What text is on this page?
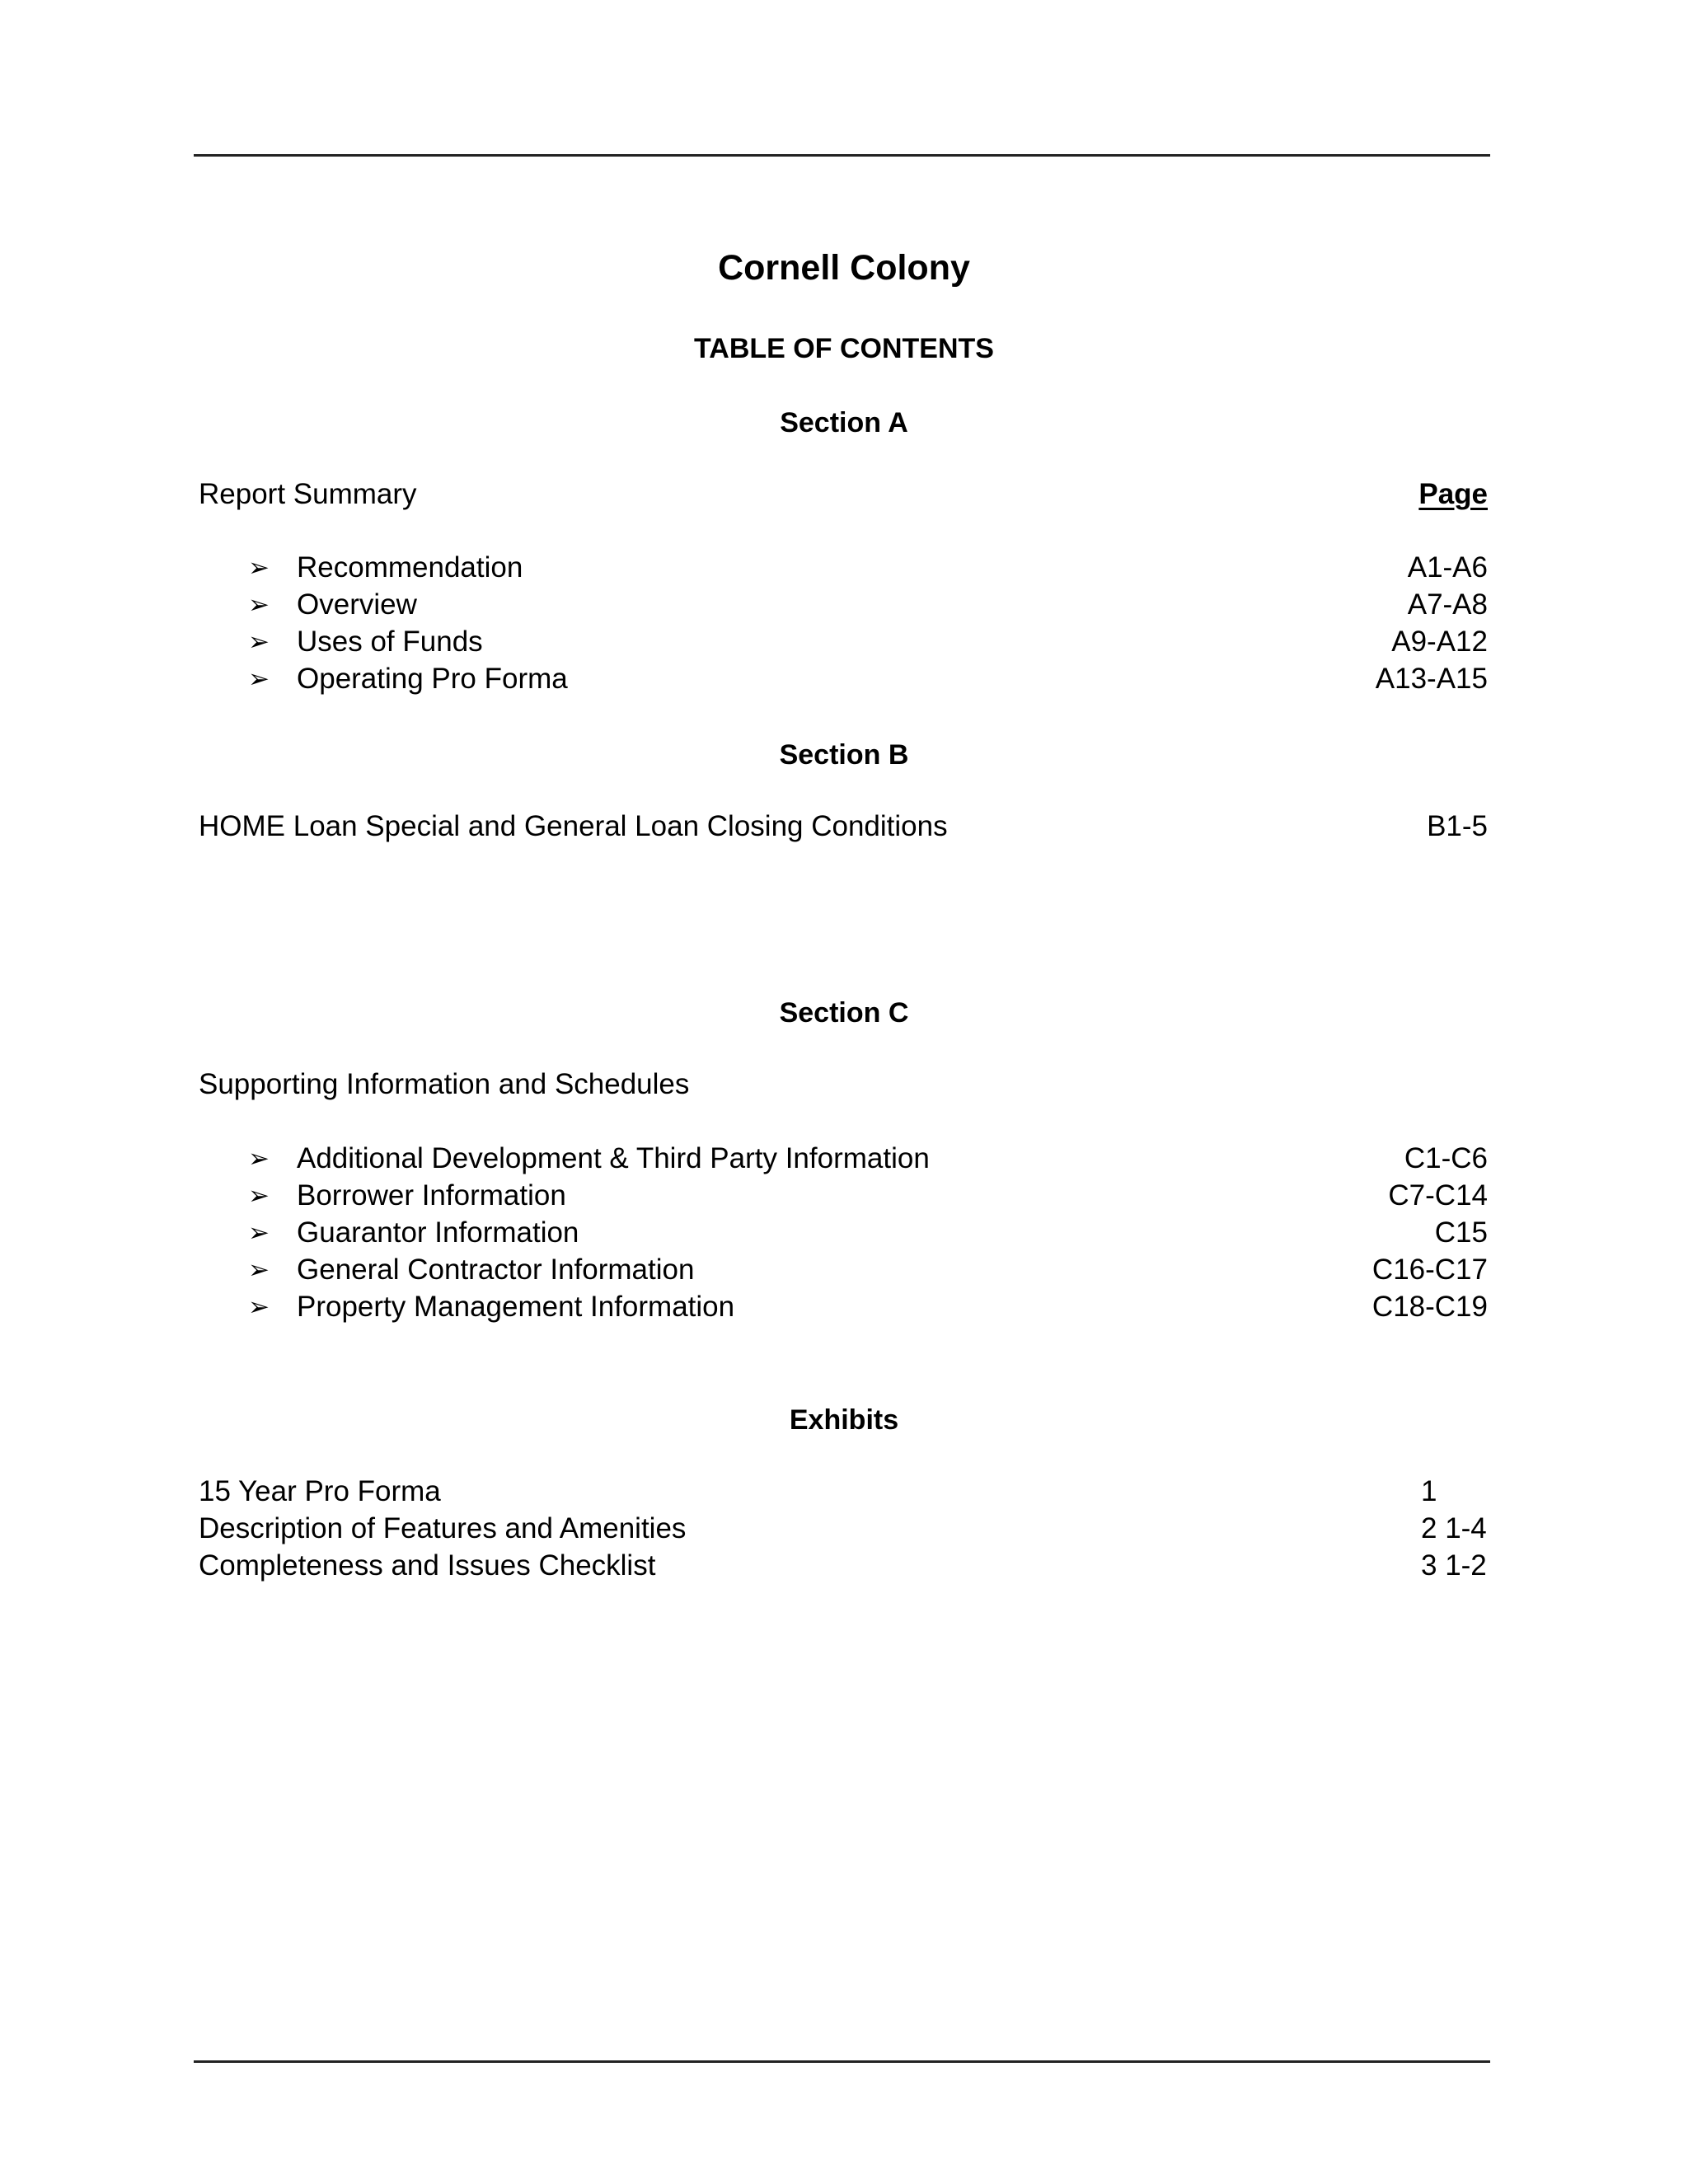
Cornell Colony
TABLE OF CONTENTS
Section A
Report Summary	Page
➢ Recommendation	A1-A6
➢ Overview	A7-A8
➢ Uses of Funds	A9-A12
➢ Operating Pro Forma	A13-A15
Section B
HOME Loan Special and General Loan Closing Conditions	B1-5
Section C
Supporting Information and Schedules
➢ Additional Development & Third Party Information	C1-C6
➢ Borrower Information	C7-C14
➢ Guarantor Information	C15
➢ General Contractor Information	C16-C17
➢ Property Management Information	C18-C19
Exhibits
15 Year Pro Forma	1
Description of Features and Amenities	2 1-4
Completeness and Issues Checklist	3 1-2
